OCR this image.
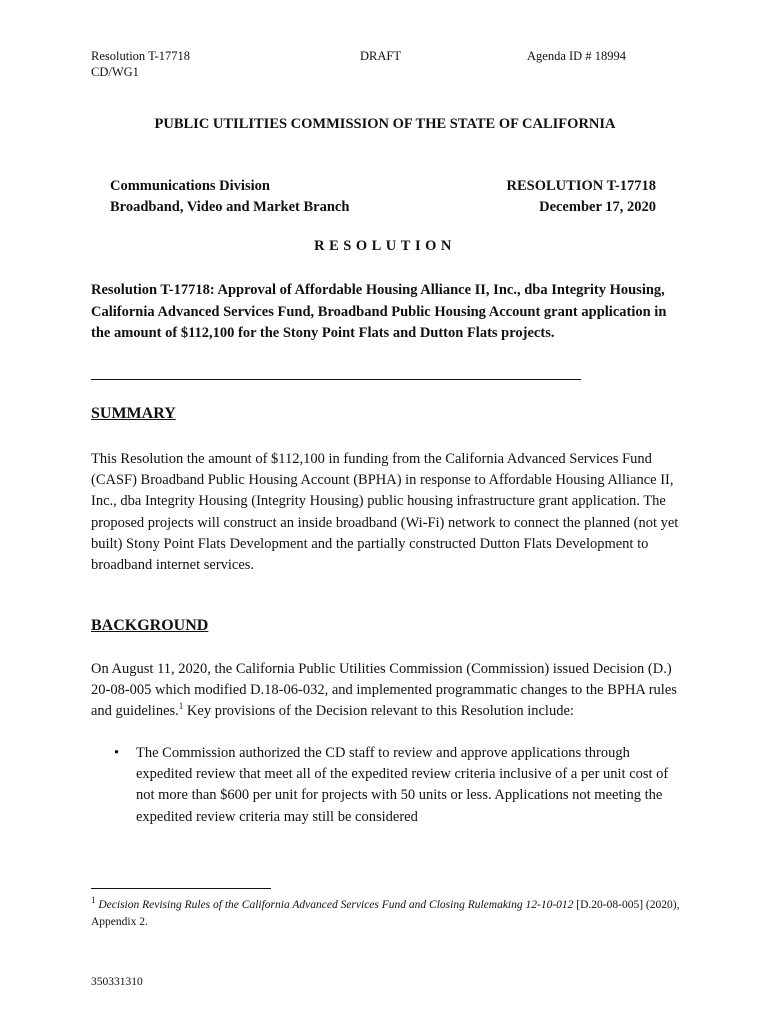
Resolution T-17718
CD/WG1
DRAFT	Agenda ID # 18994
PUBLIC UTILITIES COMMISSION OF THE STATE OF CALIFORNIA
Communications Division
Broadband, Video and Market Branch
RESOLUTION T-17718
December 17, 2020
RESOLUTION
Resolution T-17718: Approval of Affordable Housing Alliance II, Inc., dba Integrity Housing, California Advanced Services Fund, Broadband Public Housing Account grant application in the amount of $112,100 for the Stony Point Flats and Dutton Flats projects.
SUMMARY
This Resolution the amount of $112,100 in funding from the California Advanced Services Fund (CASF) Broadband Public Housing Account (BPHA) in response to Affordable Housing Alliance II, Inc., dba Integrity Housing (Integrity Housing) public housing infrastructure grant application. The proposed projects will construct an inside broadband (Wi-Fi) network to connect the planned (not yet built) Stony Point Flats Development and the partially constructed Dutton Flats Development to broadband internet services.
BACKGROUND
On August 11, 2020, the California Public Utilities Commission (Commission) issued Decision (D.) 20-08-005 which modified D.18-06-032, and implemented programmatic changes to the BPHA rules and guidelines.$^1$ Key provisions of the Decision relevant to this Resolution include:
• The Commission authorized the CD staff to review and approve applications through expedited review that meet all of the expedited review criteria inclusive of a per unit cost of not more than $600 per unit for projects with 50 units or less. Applications not meeting the expedited review criteria may still be considered
$^1$ Decision Revising Rules of the California Advanced Services Fund and Closing Rulemaking 12-10-012 [D.20-08-005] (2020), Appendix 2.
350331310
